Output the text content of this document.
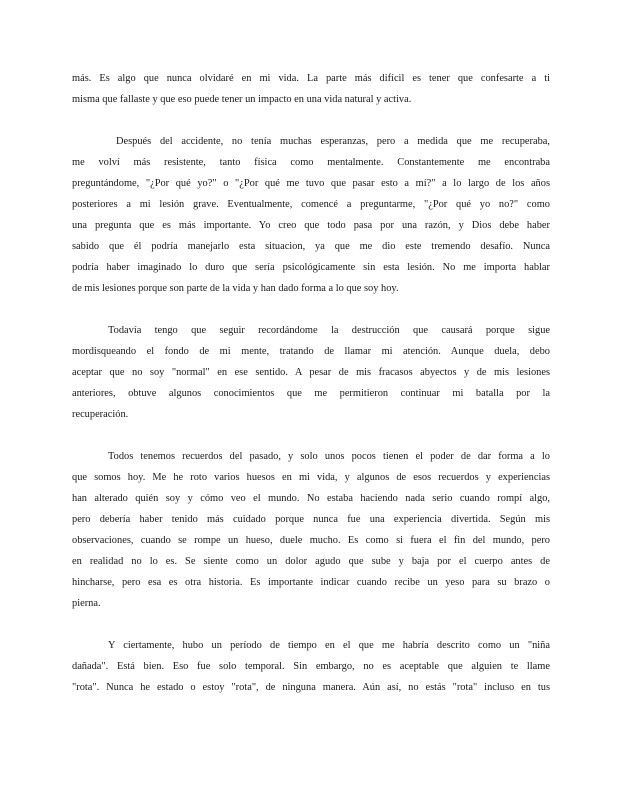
más. Es algo que nunca olvidaré en mi vida. La parte más difícil es tener que confesarte a ti
misma que fallaste y que eso puede tener un impacto en una vida natural y activa.
Después del accidente, no tenía muchas esperanzas, pero a medida que me recuperaba,
me volví más resistente, tanto física como mentalmente. Constantemente me encontraba
preguntándome, "¿Por qué yo?" o "¿Por qué me tuvo que pasar esto a mí?" a lo largo de los años
posteriores a mi lesión grave. Eventualmente, comencé a preguntarme, "¿Por qué yo no?" como
una pregunta que es más importante. Yo creo que todo pasa por una razón, y Dios debe haber
sabido que él podría manejarlo esta situacion, ya que me dio este tremendo desafío. Nunca
podría haber imaginado lo duro que sería psicológicamente sin esta lesión. No me importa hablar
de mis lesiones porque son parte de la vida y han dado forma a lo que soy hoy.
Todavía tengo que seguir recordándome la destrucción que causará porque sigue
mordisqueando el fondo de mi mente, tratando de llamar mi atención. Aunque duela, debo
aceptar que no soy "normal" en ese sentido. A pesar de mis fracasos abyectos y de mis lesiones
anteriores, obtuve algunos conocimientos que me permitieron continuar mi batalla por la
recuperación.
Todos tenemos recuerdos del pasado, y solo unos pocos tienen el poder de dar forma a lo
que somos hoy. Me he roto varios huesos en mi vida, y algunos de esos recuerdos y experiencias
han alterado quién soy y cómo veo el mundo. No estaba haciendo nada serio cuando rompí algo,
pero debería haber tenido más cuidado porque nunca fue una experiencia divertida. Según mis
observaciones, cuando se rompe un hueso, duele mucho. Es como si fuera el fin del mundo, pero
en realidad no lo es. Se siente como un dolor agudo que sube y baja por el cuerpo antes de
hincharse, pero esa es otra historia. Es importante indicar cuando recibe un yeso para su brazo o
pierna.
Y ciertamente, hubo un período de tiempo en el que me habría descrito como un "niña
dañada". Está bien. Eso fue solo temporal. Sin embargo, no es aceptable que alguien te llame
"rota". Nunca he estado o estoy "rota", de ninguna manera. Aún así, no estás "rota" incluso en tus
